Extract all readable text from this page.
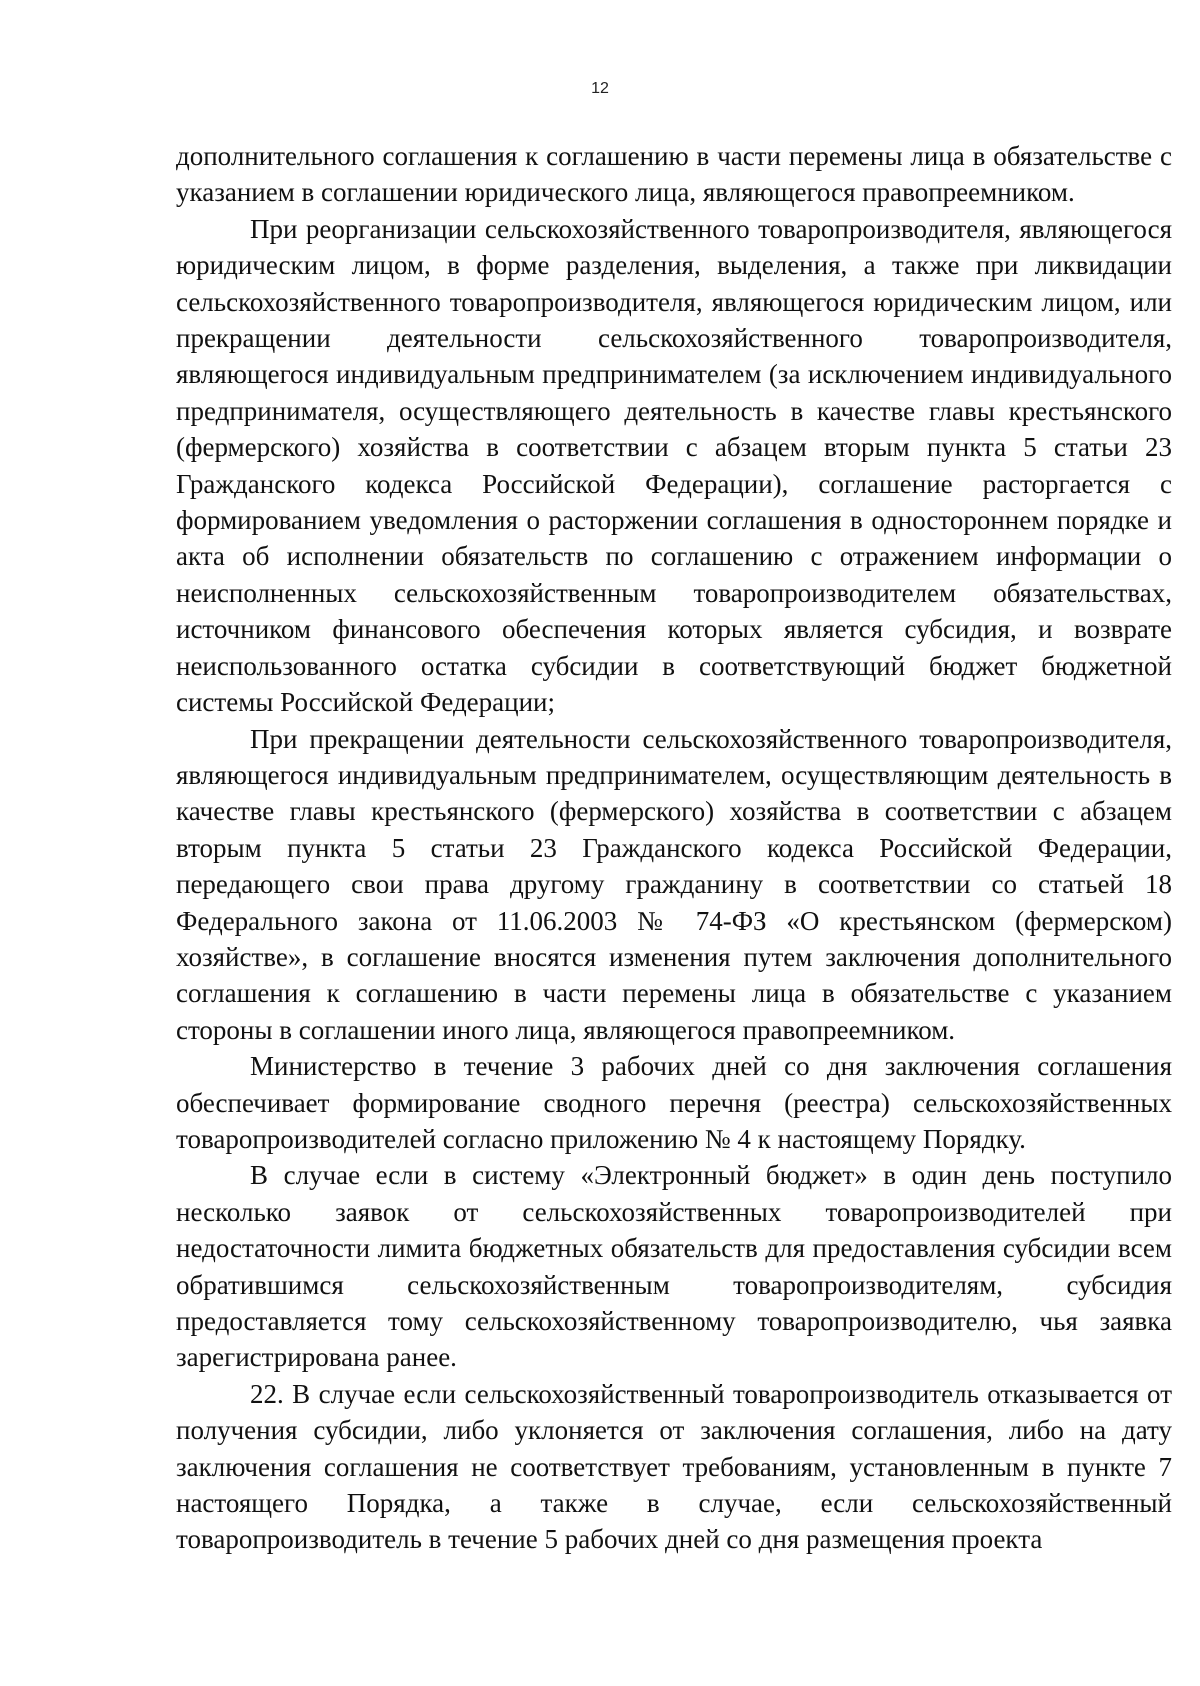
12

дополнительного соглашения к соглашению в части перемены лица в обязательстве с указанием в соглашении юридического лица, являющегося правопреемником.

При реорганизации сельскохозяйственного товаропроизводителя, являющегося юридическим лицом, в форме разделения, выделения, а также при ликвидации сельскохозяйственного товаропроизводителя, являющегося юридическим лицом, или прекращении деятельности сельскохозяйственного товаропроизводителя, являющегося индивидуальным предпринимателем (за исключением индивидуального предпринимателя, осуществляющего деятельность в качестве главы крестьянского (фермерского) хозяйства в соответствии с абзацем вторым пункта 5 статьи 23 Гражданского кодекса Российской Федерации), соглашение расторгается с формированием уведомления о расторжении соглашения в одностороннем порядке и акта об исполнении обязательств по соглашению с отражением информации о неисполненных сельскохозяйственным товаропроизводителем обязательствах, источником финансового обеспечения которых является субсидия, и возврате неиспользованного остатка субсидии в соответствующий бюджет бюджетной системы Российской Федерации;

При прекращении деятельности сельскохозяйственного товаропроизводителя, являющегося индивидуальным предпринимателем, осуществляющим деятельность в качестве главы крестьянского (фермерского) хозяйства в соответствии с абзацем вторым пункта 5 статьи 23 Гражданского кодекса Российской Федерации, передающего свои права другому гражданину в соответствии со статьей 18 Федерального закона от 11.06.2003 № 74-ФЗ «О крестьянском (фермерском) хозяйстве», в соглашение вносятся изменения путем заключения дополнительного соглашения к соглашению в части перемены лица в обязательстве с указанием стороны в соглашении иного лица, являющегося правопреемником.

Министерство в течение 3 рабочих дней со дня заключения соглашения обеспечивает формирование сводного перечня (реестра) сельскохозяйственных товаропроизводителей согласно приложению № 4 к настоящему Порядку.

В случае если в систему «Электронный бюджет» в один день поступило несколько заявок от сельскохозяйственных товаропроизводителей при недостаточности лимита бюджетных обязательств для предоставления субсидии всем обратившимся сельскохозяйственным товаропроизводителям, субсидия предоставляется тому сельскохозяйственному товаропроизводителю, чья заявка зарегистрирована ранее.

22. В случае если сельскохозяйственный товаропроизводитель отказывается от получения субсидии, либо уклоняется от заключения соглашения, либо на дату заключения соглашения не соответствует требованиям, установленным в пункте 7 настоящего Порядка, а также в случае, если сельскохозяйственный товаропроизводитель в течение 5 рабочих дней со дня размещения проекта
